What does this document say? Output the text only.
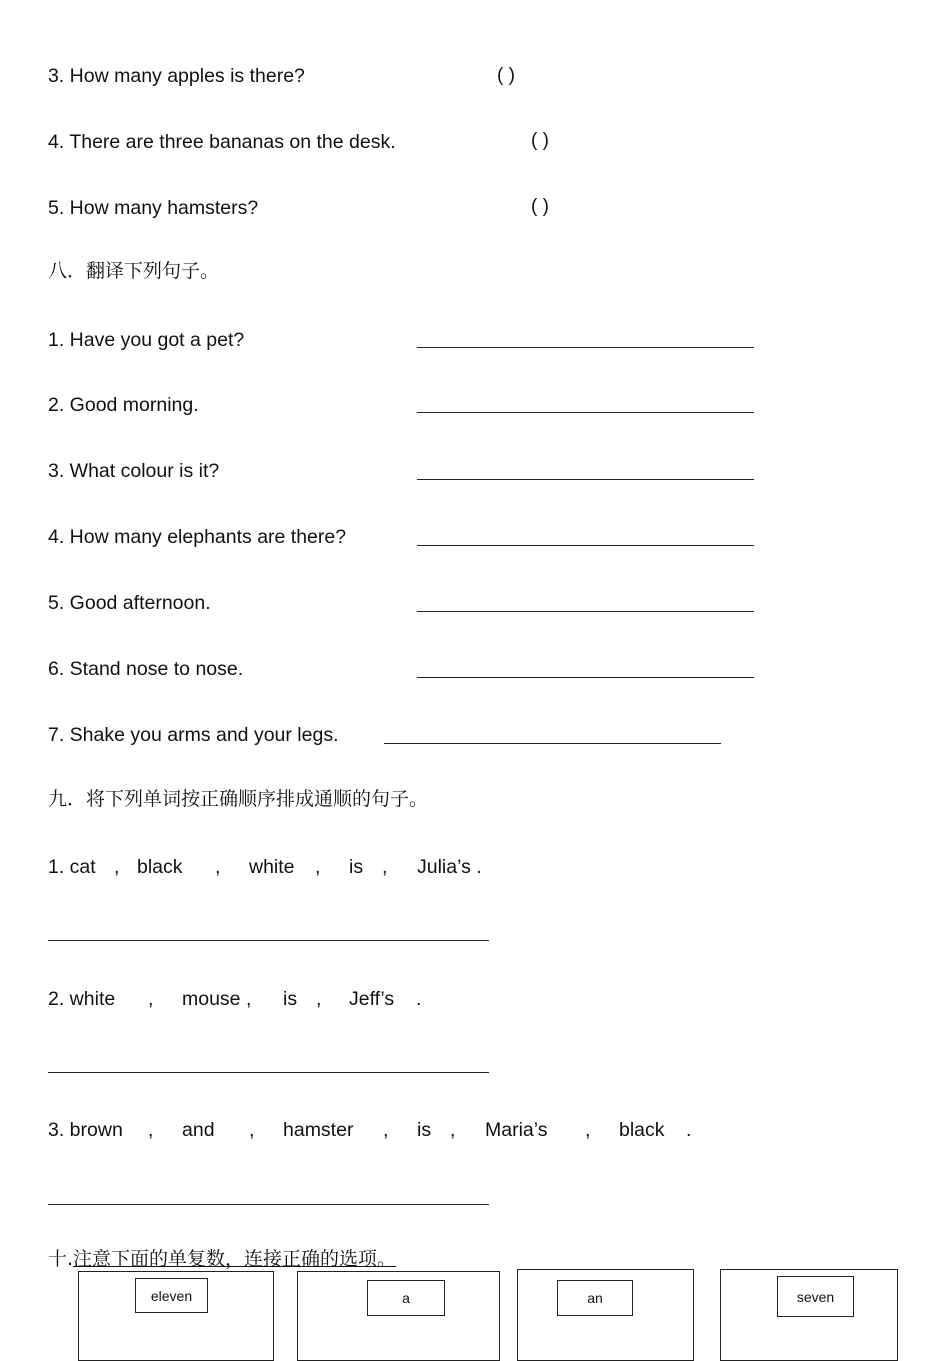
3. How many apples is there?	( )
4. There are three bananas on the desk.	( )
5. How many hamsters?	( )
八．翻译下列句子。
1. Have you got a pet?
2. Good morning.
3. What colour is it?
4. How many elephants are there?
5. Good afternoon.
6. Stand nose to nose.
7. Shake you arms and your legs.
九．将下列单词按正确顺序排成通顺的句子。
1. cat , black , white , is , Julia’s .
2. white , mouse , is , Jeff’s .
3. brown , and , hamster , is , Maria’s , black .
十.注意下面的单复数，连接正确的选项。
eleven	a	an	seven
